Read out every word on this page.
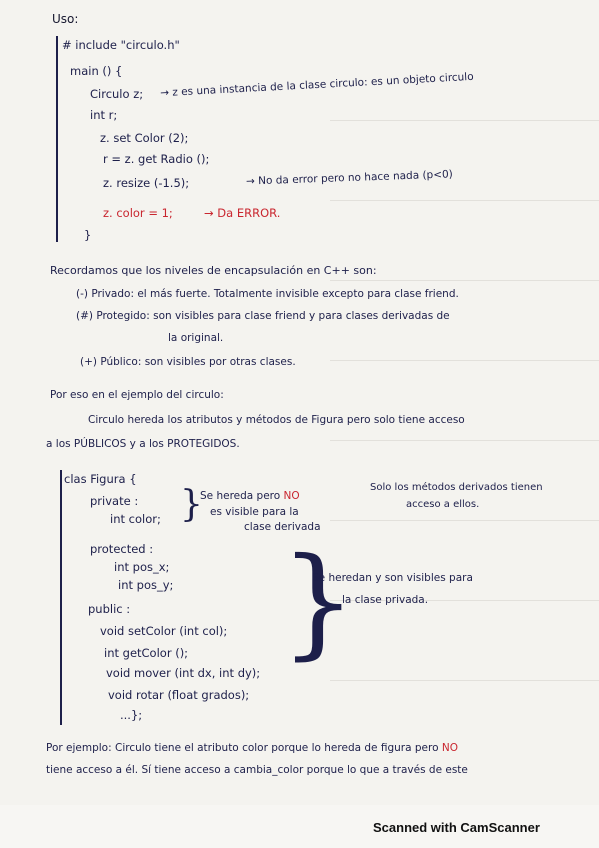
Uso:
# include "circulo.h"
main () {
Circulo z; → z es una instancia de la clase circulo: es un objeto circulo
int r;
z. set Color (2);
r = z. get Radio ();
z. resize (-1.5);	→ No da error pero no hace nada (p<0)
z. color = 1;	→ Da ERROR.
}
Recordamos que los niveles de encapsulación en C++ son:
(-) Privado: el más fuerte. Totalmente invisible excepto para clase friend.
(#) Protegido: son visibles para clase friend y para clases derivadas de
la original.
(+) Público: son visibles por otras clases.
Por eso en el ejemplo del circulo:
Circulo hereda los atributos y métodos de Figura pero solo tiene acceso
a los PÚBLICOS y a los PROTEGIDOS.
clas Figura {
private :
int color; }
Se hereda pero NO
es visible para la
clase derivada
Solo los métodos derivados tienen
acceso a ellos.
protected :
int pos_x;
int pos_y; }
Se heredan y son visibles para
la clase privada.
public :
void setColor (int col);
int getColor ();
void mover (int dx, int dy);
void rotar (float grados);
...};
Por ejemplo: Circulo tiene el atributo color porque lo hereda de figura pero NO
tiene acceso a él. Sí tiene acceso a cambia_color porque lo que a través de este
Scanned with CamScanner
